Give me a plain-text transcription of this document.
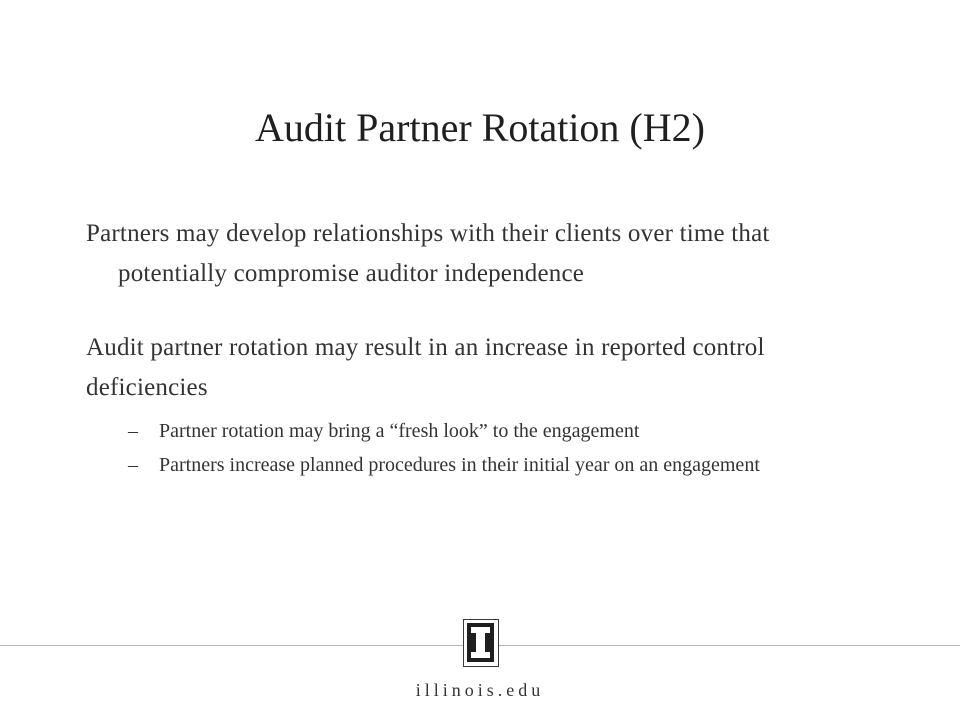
Audit Partner Rotation (H2)
Partners may develop relationships with their clients over time that potentially compromise auditor independence
Audit partner rotation may result in an increase in reported control deficiencies
– Partner rotation may bring a “fresh look” to the engagement
– Partners increase planned procedures in their initial year on an engagement
illinois.edu
